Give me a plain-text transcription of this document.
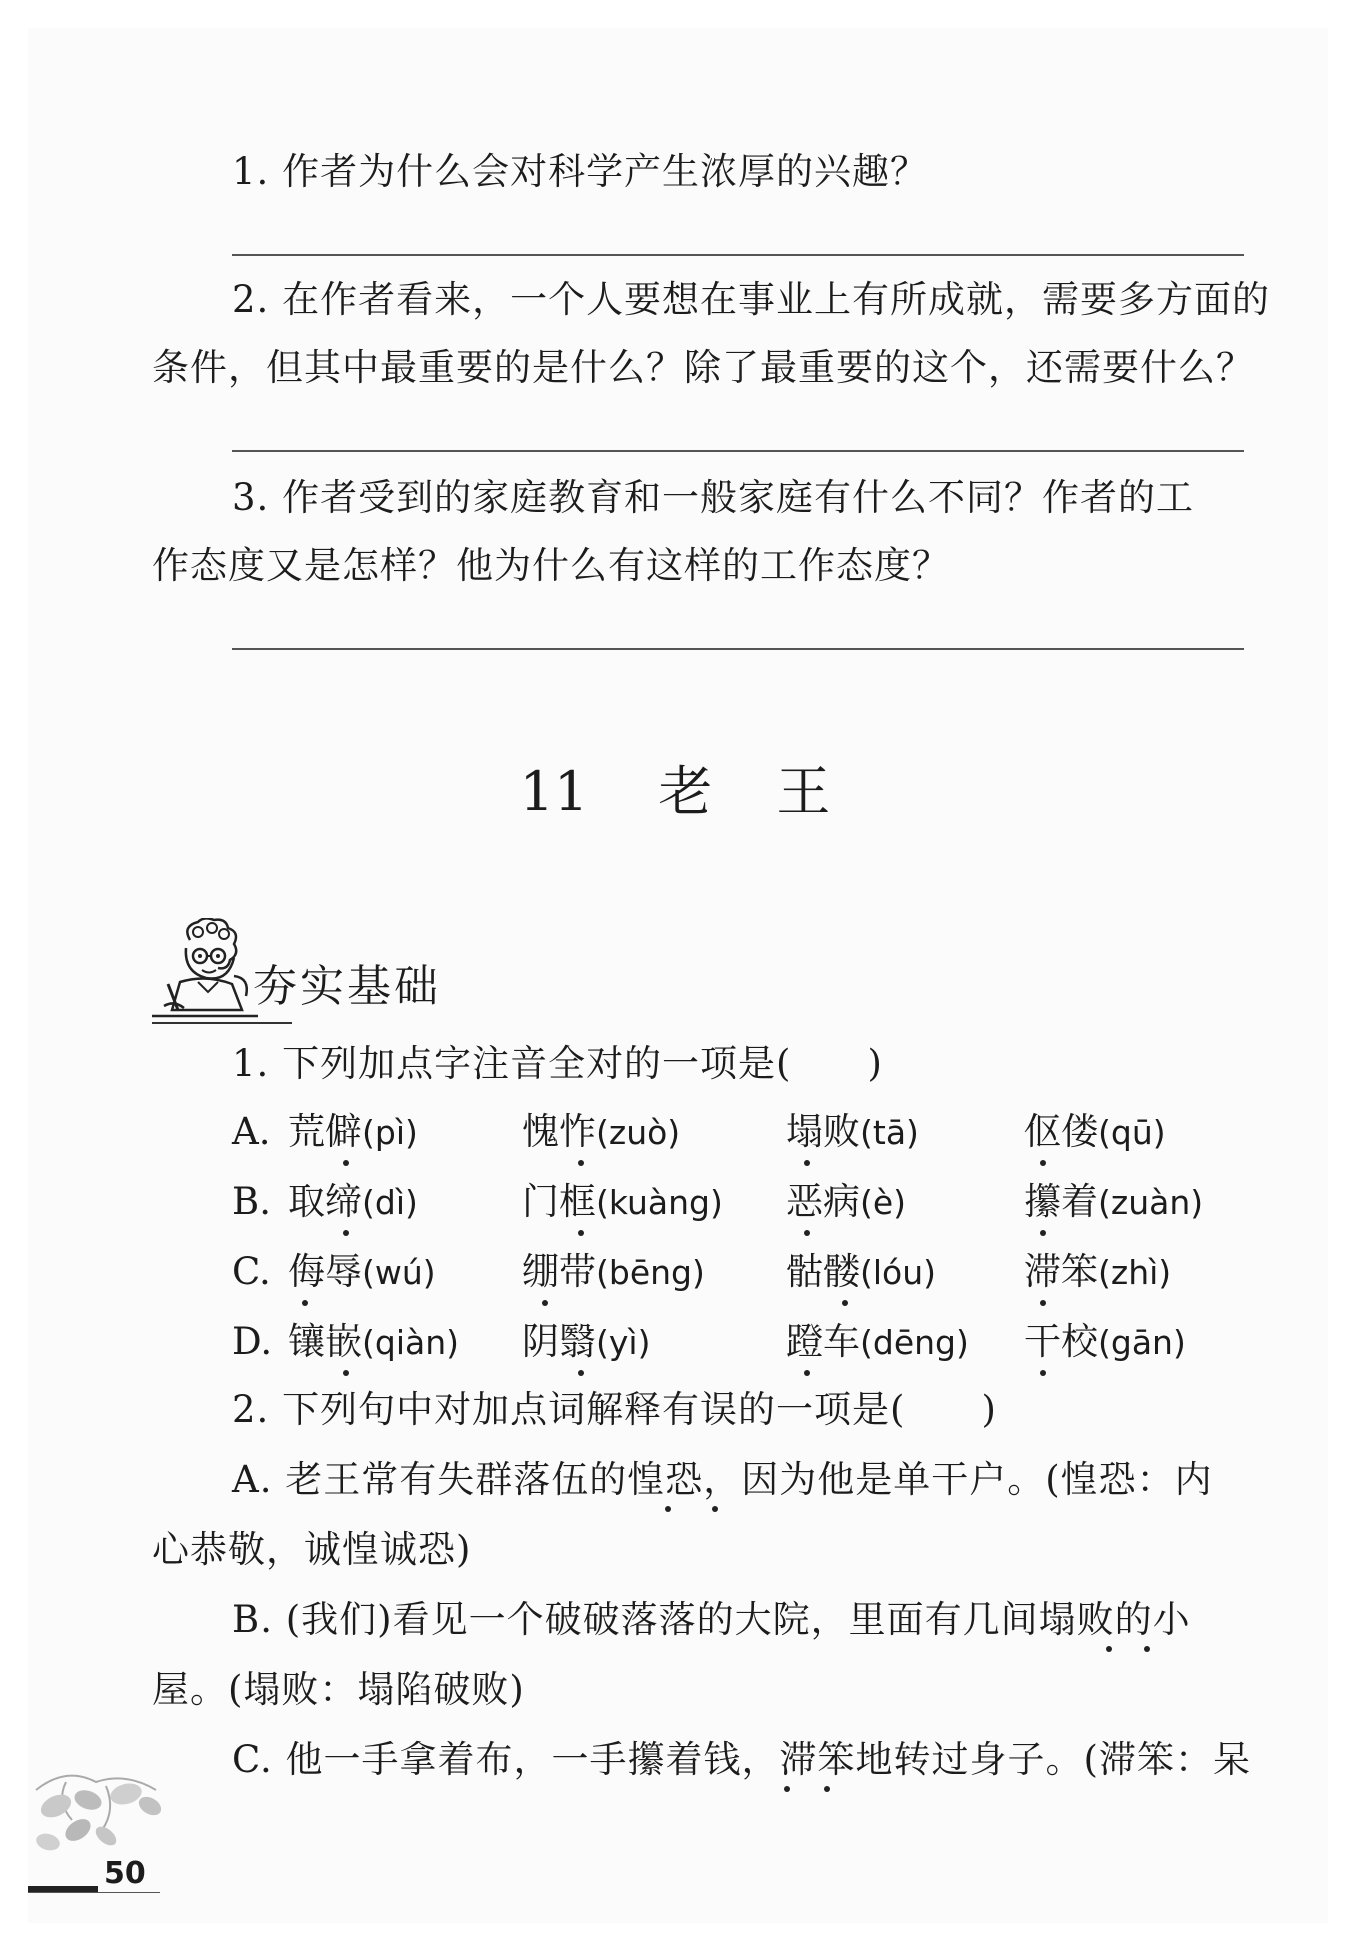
1. 作者为什么会对科学产生浓厚的兴趣？
2. 在作者看来，一个人要想在事业上有所成就，需要多方面的
条件，但其中最重要的是什么？除了最重要的这个，还需要什么？
3. 作者受到的家庭教育和一般家庭有什么不同？作者的工
作态度又是怎样？他为什么有这样的工作态度？
11 老 王
夯实基础
1. 下列加点字注音全对的一项是(　　)
A. 荒僻(pì)	愧怍(zuò)	塌败(tā)	伛偻(qū)
B. 取缔(dì)	门框(kuàng) 恶病(è)	攥着(zuàn)
C. 侮辱(wú) 绷带(bēng) 骷髅(lóu) 滞笨(zhì)
D. 镶嵌(qiàn) 阴翳(yì)	蹬车(dēng) 干校(gān)
2. 下列句中对加点词解释有误的一项是(　　)
A. 老王常有失群落伍的惶恐，因为他是单干户。(惶恐：内
心恭敬，诚惶诚恐)
B. (我们)看见一个破破落落的大院，里面有几间塌败的小
屋。(塌败：塌陷破败)
C. 他一手拿着布，一手攥着钱，滞笨地转过身子。(滞笨：呆
50
